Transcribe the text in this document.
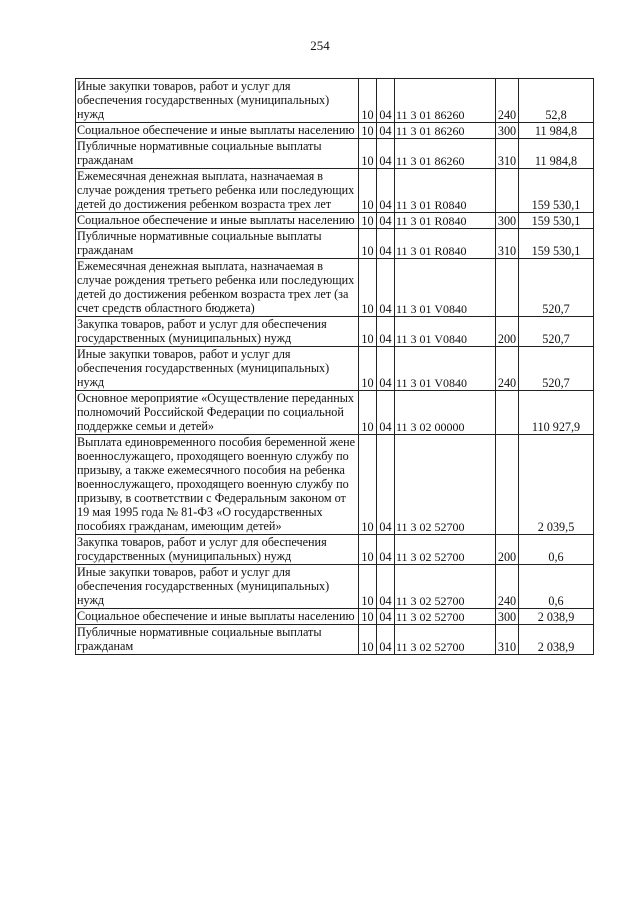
254
Иные закупки товаров, работ и услуг для обеспечения государственных (муниципальных) нужд	10	04	11 3 01 86260	240	52,8
Социальное обеспечение и иные выплаты населению	10	04	11 3 01 86260	300	11 984,8
Публичные нормативные социальные выплаты гражданам	10	04	11 3 01 86260	310	11 984,8
Ежемесячная денежная выплата, назначаемая в случае рождения третьего ребенка или последующих детей до достижения ребенком возраста трех лет	10	04	11 3 01 R0840		159 530,1
Социальное обеспечение и иные выплаты населению	10	04	11 3 01 R0840	300	159 530,1
Публичные нормативные социальные выплаты гражданам	10	04	11 3 01 R0840	310	159 530,1
Ежемесячная денежная выплата, назначаемая в случае рождения третьего ребенка или последующих детей до достижения ребенком возраста трех лет (за счет средств областного бюджета)	10	04	11 3 01 V0840		520,7
Закупка товаров, работ и услуг для обеспечения государственных (муниципальных) нужд	10	04	11 3 01 V0840	200	520,7
Иные закупки товаров, работ и услуг для обеспечения государственных (муниципальных) нужд	10	04	11 3 01 V0840	240	520,7
Основное мероприятие «Осуществление переданных полномочий Российской Федерации по социальной поддержке семьи и детей»	10	04	11 3 02 00000		110 927,9
Выплата единовременного пособия беременной жене военнослужащего, проходящего военную службу по призыву, а также ежемесячного пособия на ребенка военнослужащего, проходящего военную службу по призыву, в соответствии с Федеральным законом от 19 мая 1995 года № 81-ФЗ «О государственных пособиях гражданам, имеющим детей»	10	04	11 3 02 52700		2 039,5
Закупка товаров, работ и услуг для обеспечения государственных (муниципальных) нужд	10	04	11 3 02 52700	200	0,6
Иные закупки товаров, работ и услуг для обеспечения государственных (муниципальных) нужд	10	04	11 3 02 52700	240	0,6
Социальное обеспечение и иные выплаты населению	10	04	11 3 02 52700	300	2 038,9
Публичные нормативные социальные выплаты гражданам	10	04	11 3 02 52700	310	2 038,9
